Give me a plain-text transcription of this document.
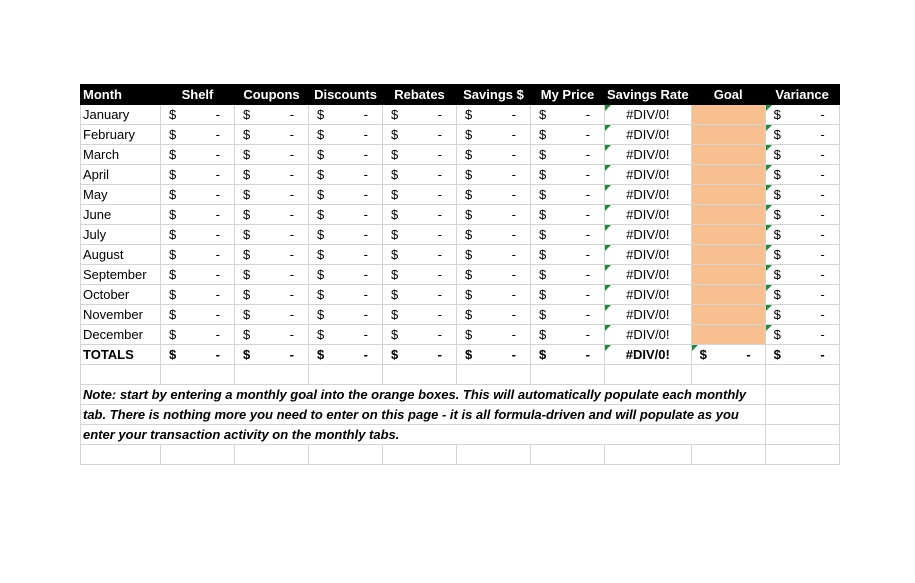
Month	Shelf	Coupons	Discounts	Rebates	Savings $	My Price	Savings Rate	Goal	Variance
January	$ -	$ -	$ -	$ -	$ -	$ -	#DIV/0!		$ -

February	$ -	$ -	$ -	$ -	$ -	$ -	#DIV/0!		$ -

March	$ -	$ -	$ -	$ -	$ -	$ -	#DIV/0!		$ -

April	$ -	$ -	$ -	$ -	$ -	$ -	#DIV/0!		$ -

May	$ -	$ -	$ -	$ -	$ -	$ -	#DIV/0!		$ -

June	$ -	$ -	$ -	$ -	$ -	$ -	#DIV/0!		$ -

July	$ -	$ -	$ -	$ -	$ -	$ -	#DIV/0!		$ -

August	$ -	$ -	$ -	$ -	$ -	$ -	#DIV/0!		$ -

September	$ -	$ -	$ -	$ -	$ -	$ -	#DIV/0!		$ -

October	$ -	$ -	$ -	$ -	$ -	$ -	#DIV/0!		$ -

November	$ -	$ -	$ -	$ -	$ -	$ -	#DIV/0!		$ -

December	$ -	$ -	$ -	$ -	$ -	$ -	#DIV/0!		$ -

TOTALS	$ -	$ -	$ -	$ -	$ -	$ -	#DIV/0!	$ -	$ -

Note: start by entering a monthly goal into the orange boxes. This will automatically populate each monthly									
tab. There is nothing more you need to enter on this page - it is all formula-driven and will populate as you									
enter your transaction activity on the monthly tabs.									
